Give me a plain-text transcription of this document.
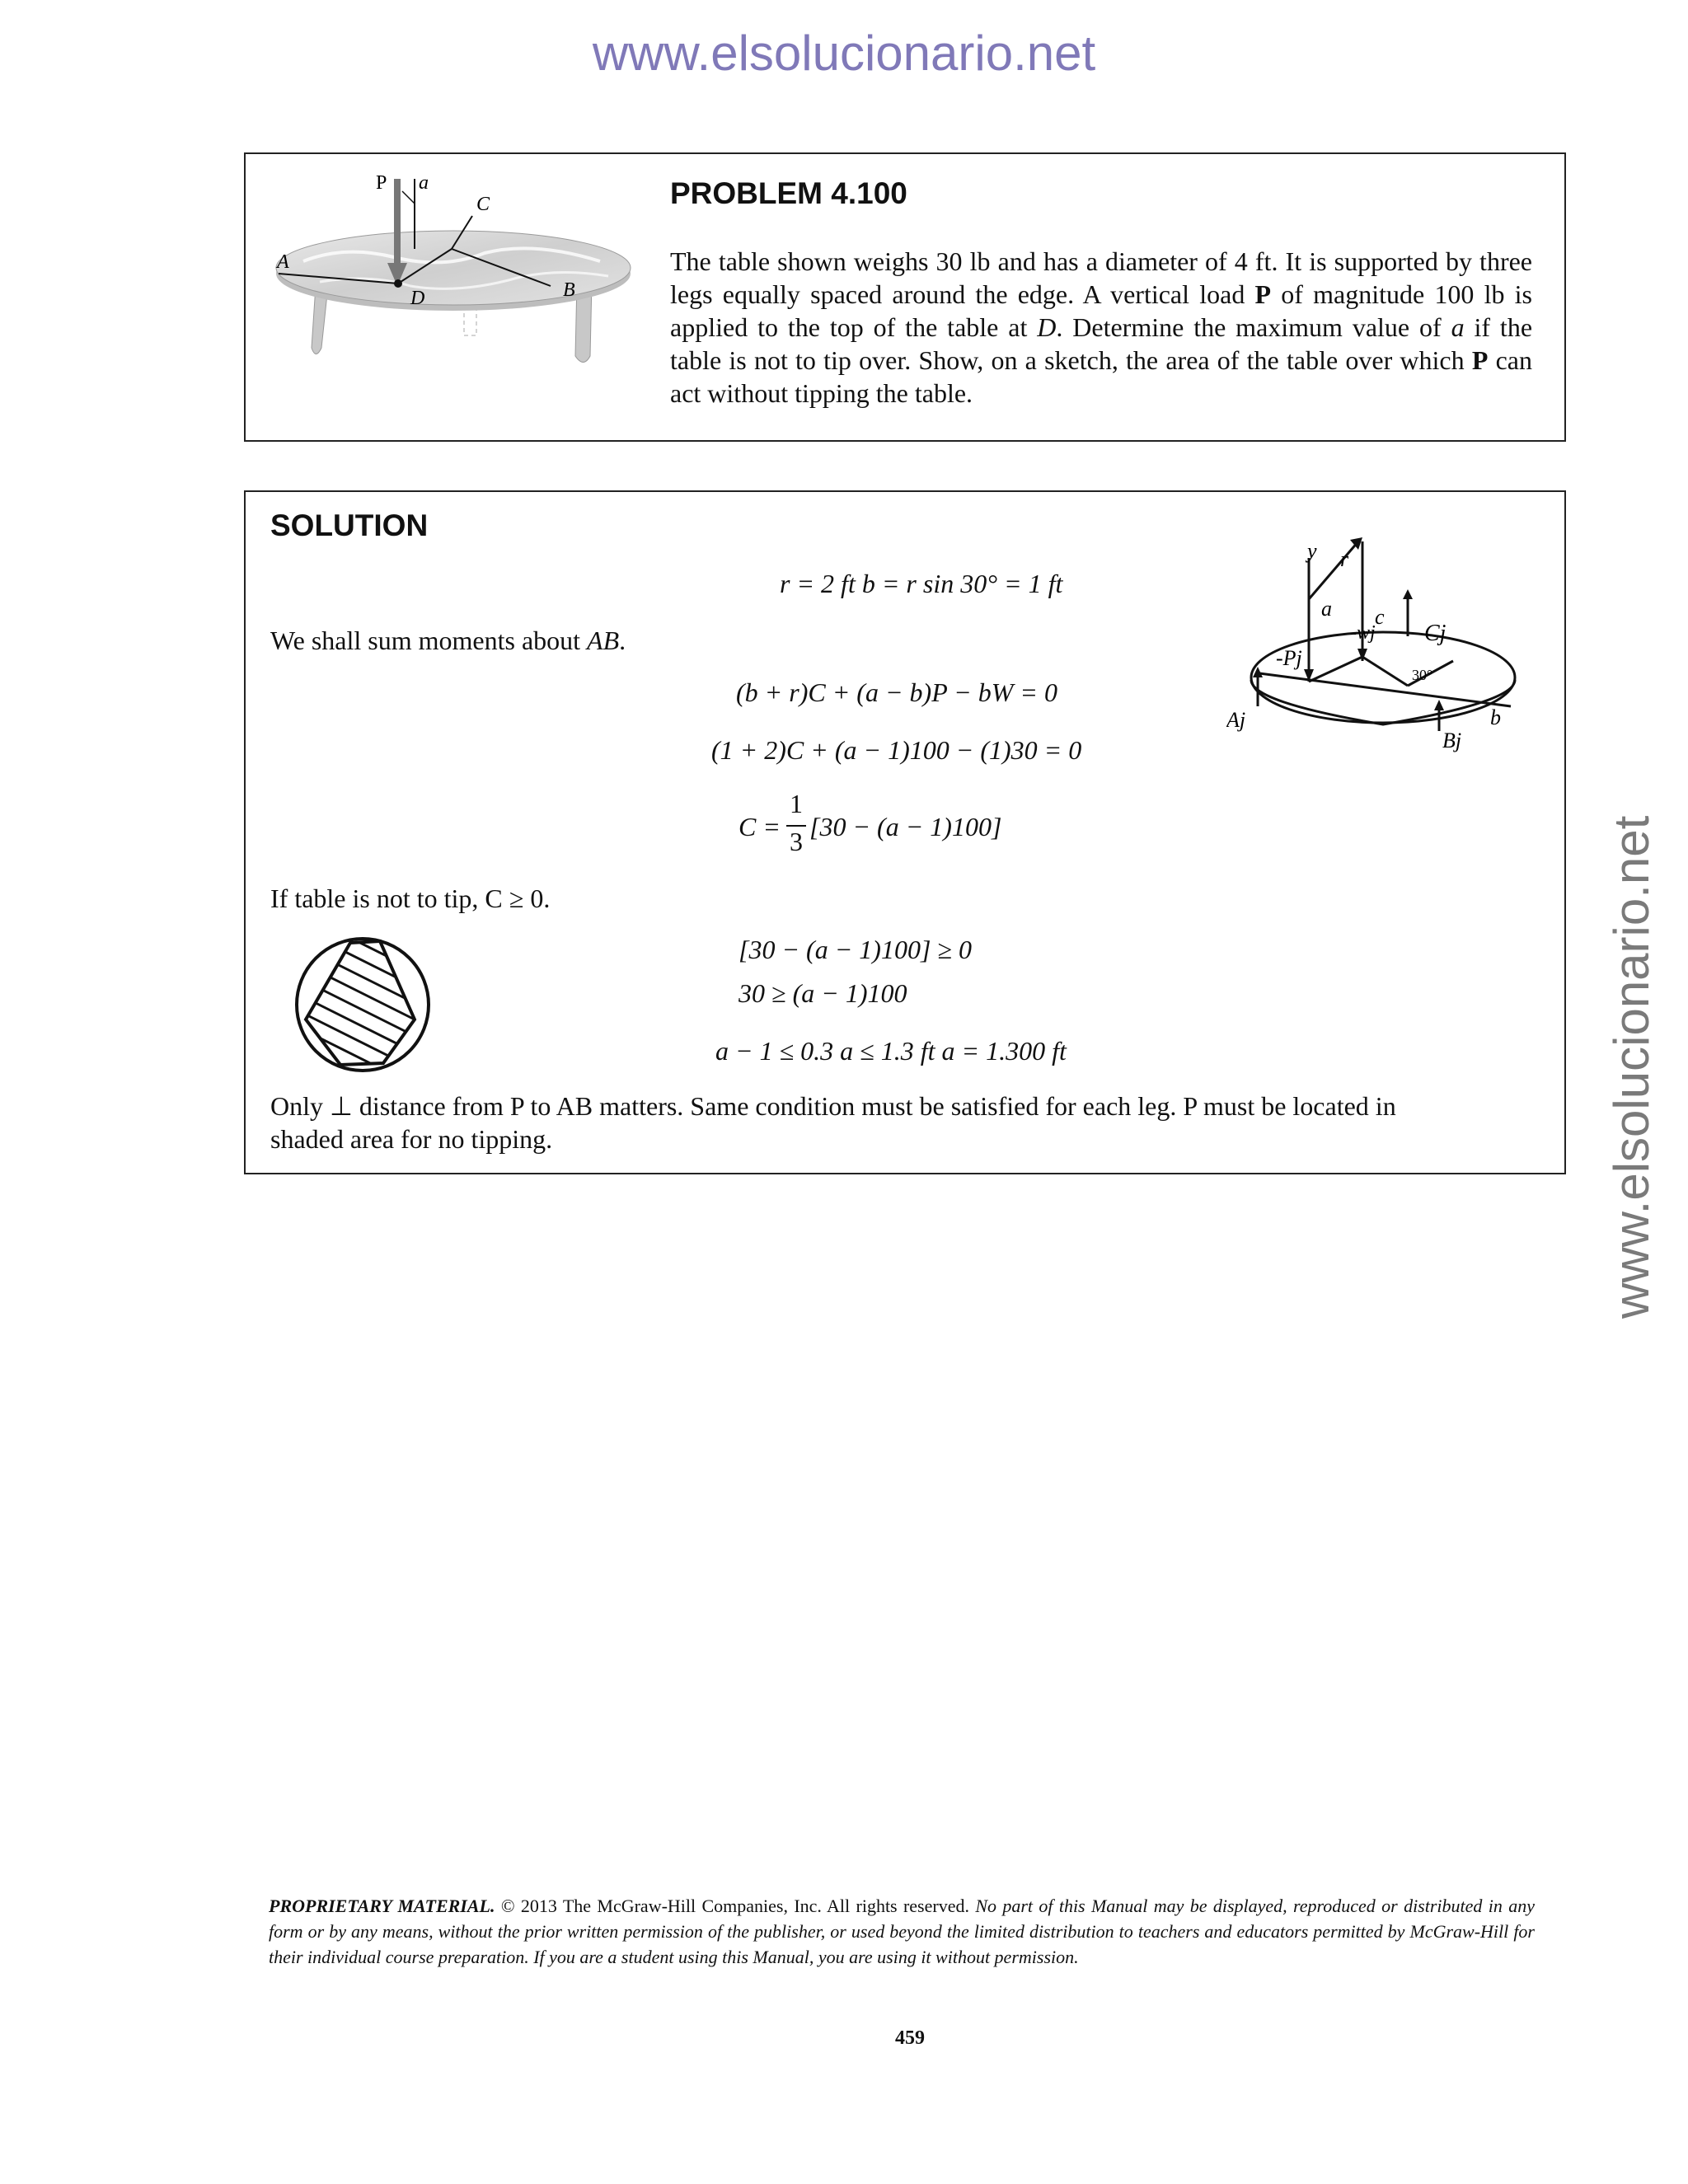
www.elsolucionario.net
www.elsolucionario.net
P a
A
B
C
D
PROBLEM 4.100
The table shown weighs 30 lb and has a diameter of 4 ft. It is supported by three legs equally spaced around the edge. A vertical load P of magnitude 100 lb is applied to the top of the table at D. Determine the maximum value of a if the table is not to tip over. Show, on a sketch, the area of the table over which P can act without tipping the table.
SOLUTION
r = 2 ft b = r sin 30° = 1 ft
We shall sum moments about AB.
(b + r)C + (a − b)P − bW = 0
(1 + 2)C + (a − 1)100 − (1)30 = 0
C =
1
3 [30 − (a − 1)100]
If table is not to tip, C ≥ 0.
[30 − (a − 1)100] ≥ 0
30 ≥ (a − 1)100
a − 1 ≤ 0.3 a ≤ 1.3 ft a = 1.300 ft
y r
a c
-wj Cj
-Pj
Aj
Bj
b
30°
Only ⊥ distance from P to AB matters. Same condition must be satisfied for each leg. P must be located in shaded area for no tipping.
PROPRIETARY MATERIAL. © 2013 The McGraw-Hill Companies, Inc. All rights reserved. No part of this Manual may be displayed, reproduced or distributed in any form or by any means, without the prior written permission of the publisher, or used beyond the limited distribution to teachers and educators permitted by McGraw-Hill for their individual course preparation. If you are a student using this Manual, you are using it without permission.
459
